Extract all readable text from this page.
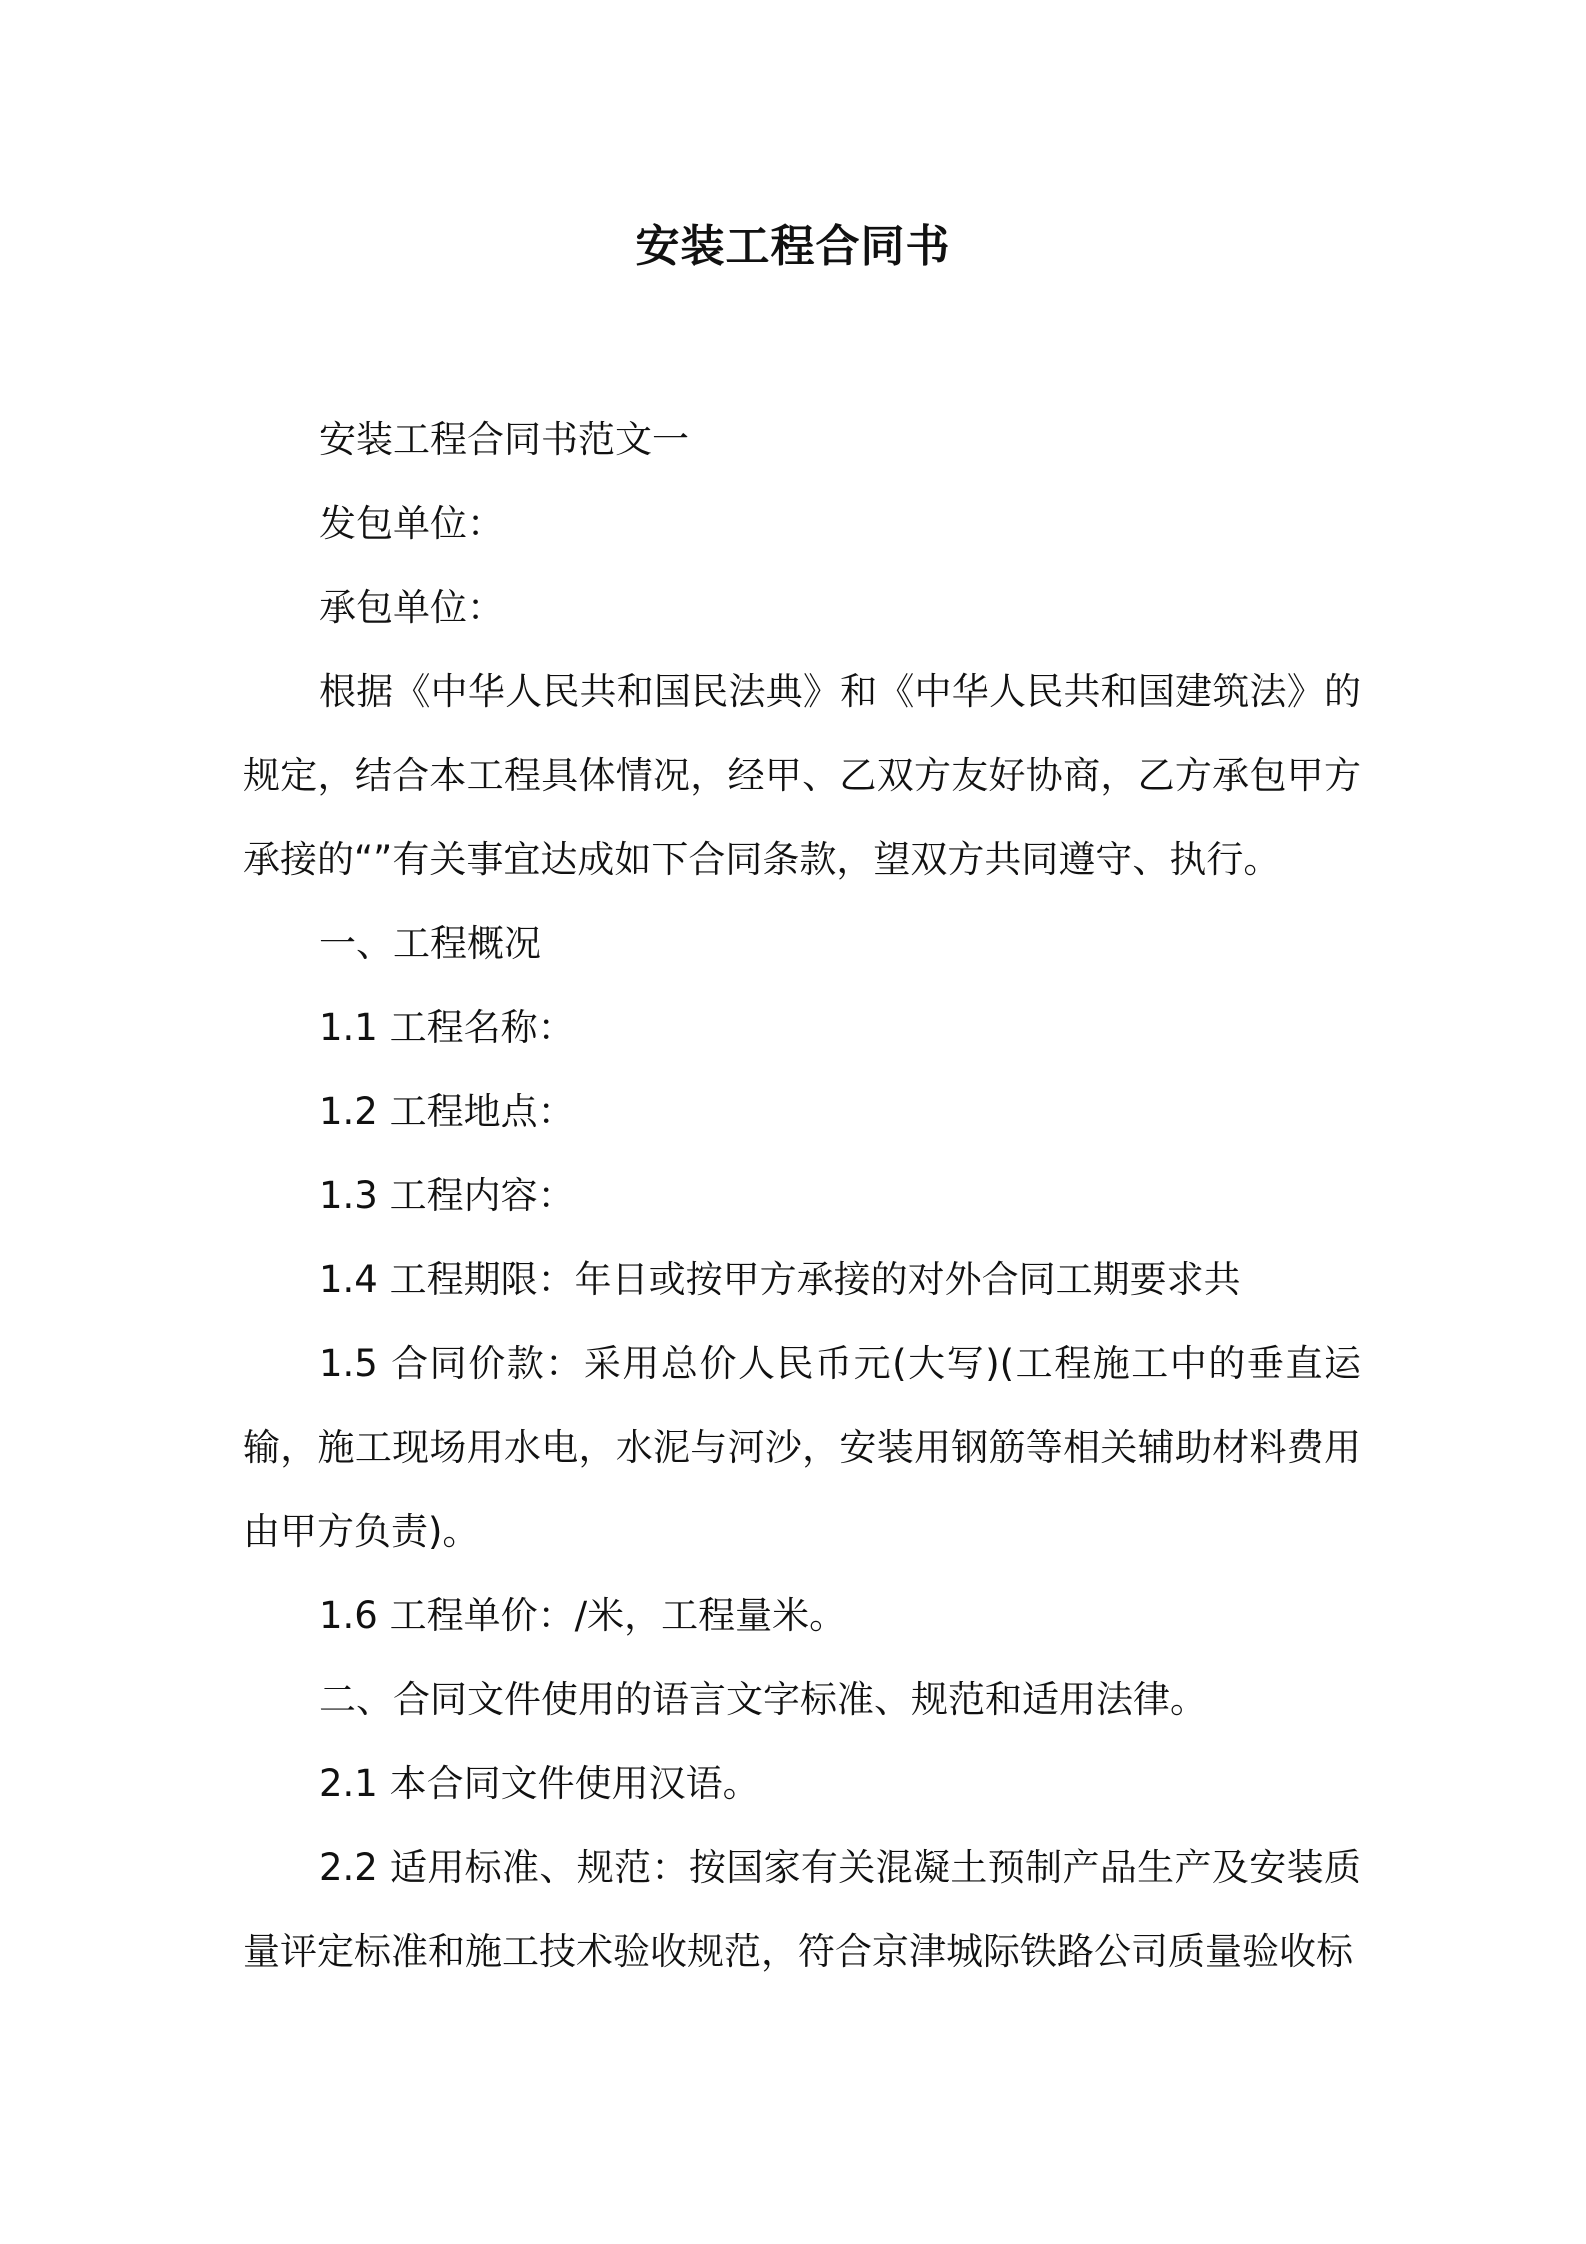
安装工程合同书

安装工程合同书范文一

发包单位：

承包单位：

根据《中华人民共和国民法典》和《中华人民共和国建筑法》的规定，结合本工程具体情况，经甲、乙双方友好协商，乙方承包甲方承接的“”有关事宜达成如下合同条款，望双方共同遵守、执行。

一、工程概况

1.1 工程名称：

1.2 工程地点：

1.3 工程内容：

1.4 工程期限：年日或按甲方承接的对外合同工期要求共

1.5 合同价款：采用总价人民币元(大写)(工程施工中的垂直运输，施工现场用水电，水泥与河沙，安装用钢筋等相关辅助材料费用由甲方负责)。

1.6 工程单价：/米，工程量米。

二、合同文件使用的语言文字标准、规范和适用法律。

2.1 本合同文件使用汉语。

2.2 适用标准、规范：按国家有关混凝土预制产品生产及安装质量评定标准和施工技术验收规范，符合京津城际铁路公司质量验收标
